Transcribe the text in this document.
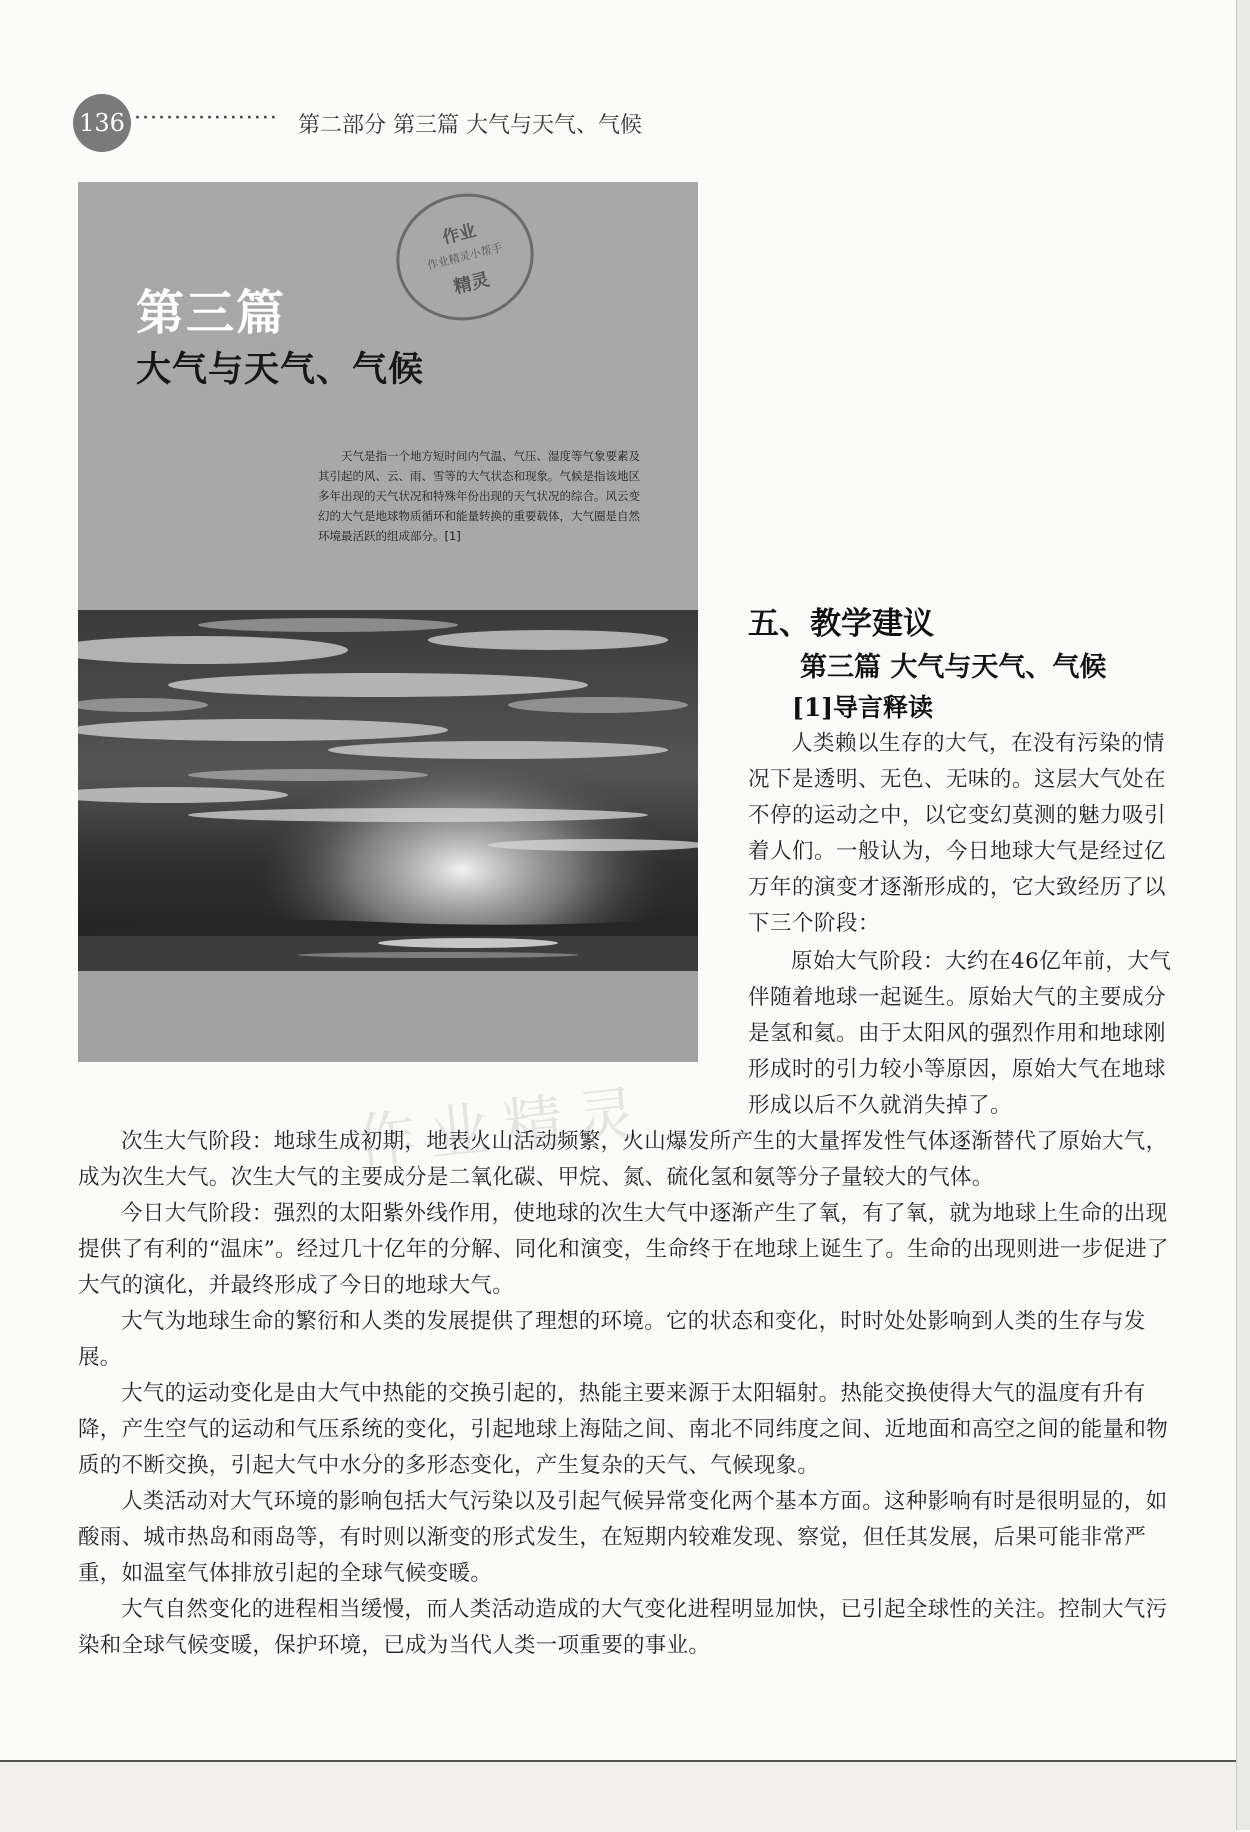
136 ·················· 第二部分 第三篇 大气与天气、气候
作业
作业精灵小帮手
精灵
第三篇
大气与天气、气候
天气是指一个地方短时间内气温、气压、湿度等气象要素及其引起的风、云、雨、雪等的大气状态和现象。气候是指该地区多年出现的天气状况和特殊年份出现的天气状况的综合。风云变幻的大气是地球物质循环和能量转换的重要载体，大气圈是自然环境最活跃的组成部分。[1]
五、教学建议
第三篇 大气与天气、气候
[1]导言释读

人类赖以生存的大气，在没有污染的情况下是透明、无色、无味的。这层大气处在不停的运动之中，以它变幻莫测的魅力吸引着人们。一般认为，今日地球大气是经过亿万年的演变才逐渐形成的，它大致经历了以下三个阶段：

原始大气阶段：大约在46亿年前，大气伴随着地球一起诞生。原始大气的主要成分是氢和氦。由于太阳风的强烈作用和地球刚形成时的引力较小等原因，原始大气在地球形成以后不久就消失掉了。

次生大气阶段：地球生成初期，地表火山活动频繁，火山爆发所产生的大量挥发性气体逐渐替代了原始大气，成为次生大气。次生大气的主要成分是二氧化碳、甲烷、氮、硫化氢和氨等分子量较大的气体。

今日大气阶段：强烈的太阳紫外线作用，使地球的次生大气中逐渐产生了氧，有了氧，就为地球上生命的出现提供了有利的“温床”。经过几十亿年的分解、同化和演变，生命终于在地球上诞生了。生命的出现则进一步促进了大气的演化，并最终形成了今日的地球大气。

大气为地球生命的繁衍和人类的发展提供了理想的环境。它的状态和变化，时时处处影响到人类的生存与发展。

大气的运动变化是由大气中热能的交换引起的，热能主要来源于太阳辐射。热能交换使得大气的温度有升有降，产生空气的运动和气压系统的变化，引起地球上海陆之间、南北不同纬度之间、近地面和高空之间的能量和物质的不断交换，引起大气中水分的多形态变化，产生复杂的天气、气候现象。

人类活动对大气环境的影响包括大气污染以及引起气候异常变化两个基本方面。这种影响有时是很明显的，如酸雨、城市热岛和雨岛等，有时则以渐变的形式发生，在短期内较难发现、察觉，但任其发展，后果可能非常严重，如温室气体排放引起的全球气候变暖。

大气自然变化的进程相当缓慢，而人类活动造成的大气变化进程明显加快，已引起全球性的关注。控制大气污染和全球气候变暖，保护环境，已成为当代人类一项重要的事业。

作业精灵
